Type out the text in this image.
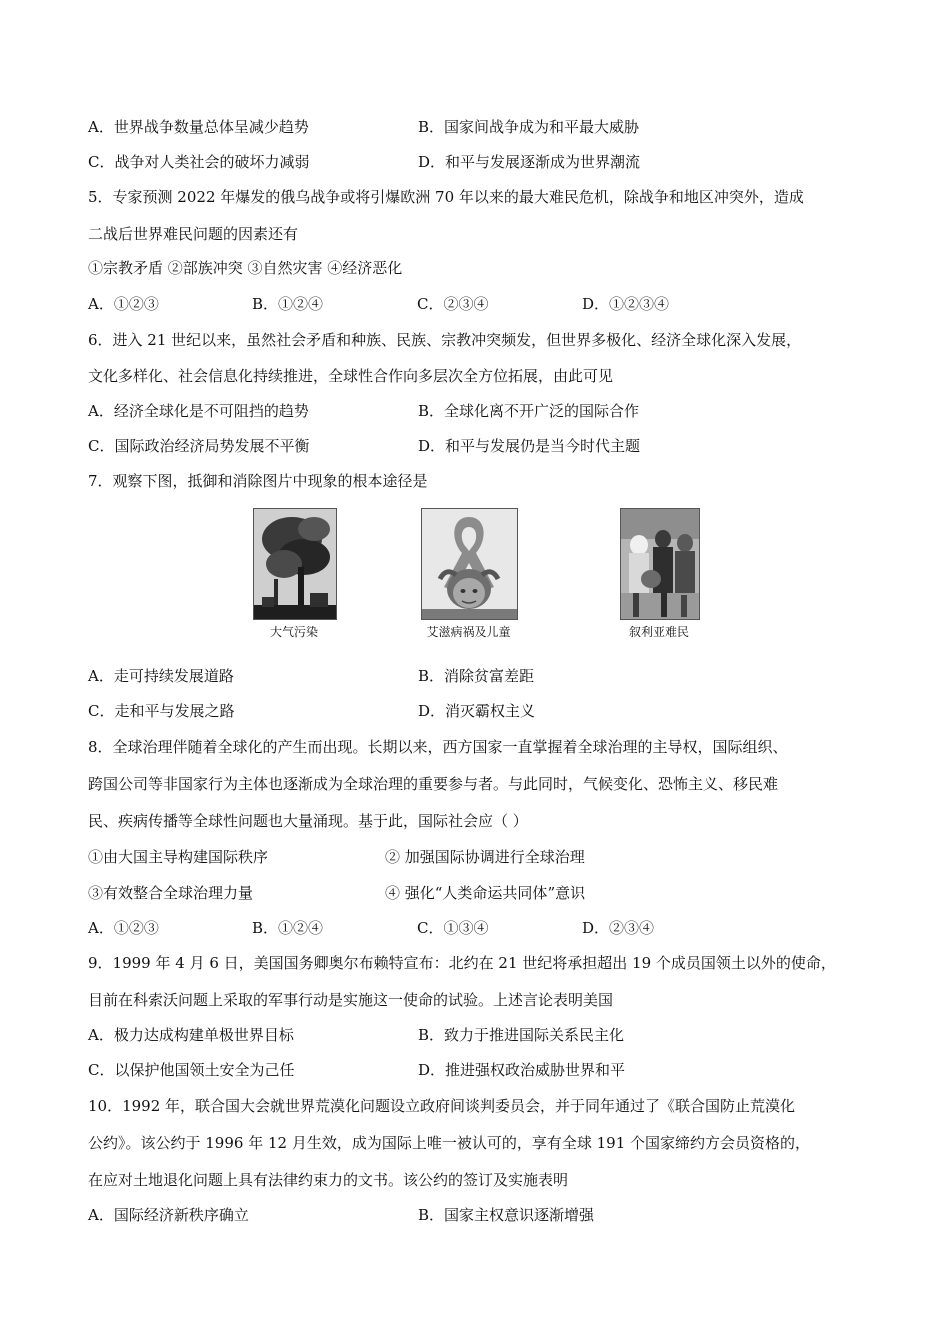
A．世界战争数量总体呈减少趋势	B．国家间战争成为和平最大威胁
C．战争对人类社会的破坏力减弱	D．和平与发展逐渐成为世界潮流
5．专家预测 2022 年爆发的俄乌战争或将引爆欧洲 70 年以来的最大难民危机，除战争和地区冲突外，造成
二战后世界难民问题的因素还有
①宗教矛盾 ②部族冲突 ③自然灾害 ④经济恶化
A．①②③	B．①②④	C．②③④	D．①②③④
6．进入 21 世纪以来，虽然社会矛盾和种族、民族、宗教冲突频发，但世界多极化、经济全球化深入发展，
文化多样化、社会信息化持续推进，全球性合作向多层次全方位拓展，由此可见
A．经济全球化是不可阻挡的趋势	B．全球化离不开广泛的国际合作
C．国际政治经济局势发展不平衡	D．和平与发展仍是当今时代主题
7．观察下图，抵御和消除图片中现象的根本途径是
大气污染	艾滋病祸及儿童	叙利亚难民
A．走可持续发展道路	B．消除贫富差距
C．走和平与发展之路	D．消灭霸权主义
8．全球治理伴随着全球化的产生而出现。长期以来，西方国家一直掌握着全球治理的主导权，国际组织、
跨国公司等非国家行为主体也逐渐成为全球治理的重要参与者。与此同时，气候变化、恐怖主义、移民难
民、疾病传播等全球性问题也大量涌现。基于此，国际社会应（ ）
①由大国主导构建国际秩序	② 加强国际协调进行全球治理
③有效整合全球治理力量	④ 强化“人类命运共同体”意识
A．①②③	B．①②④	C．①③④	D．②③④
9．1999 年 4 月 6 日，美国国务卿奥尔布赖特宣布：北约在 21 世纪将承担超出 19 个成员国领土以外的使命，
目前在科索沃问题上采取的军事行动是实施这一使命的试验。上述言论表明美国
A．极力达成构建单极世界目标	B．致力于推进国际关系民主化
C．以保护他国领土安全为己任	D．推进强权政治威胁世界和平
10．1992 年，联合国大会就世界荒漠化问题设立政府间谈判委员会，并于同年通过了《联合国防止荒漠化
公约》。该公约于 1996 年 12 月生效，成为国际上唯一被认可的，享有全球 191 个国家缔约方会员资格的，
在应对土地退化问题上具有法律约束力的文书。该公约的签订及实施表明
A．国际经济新秩序确立	B．国家主权意识逐渐增强
